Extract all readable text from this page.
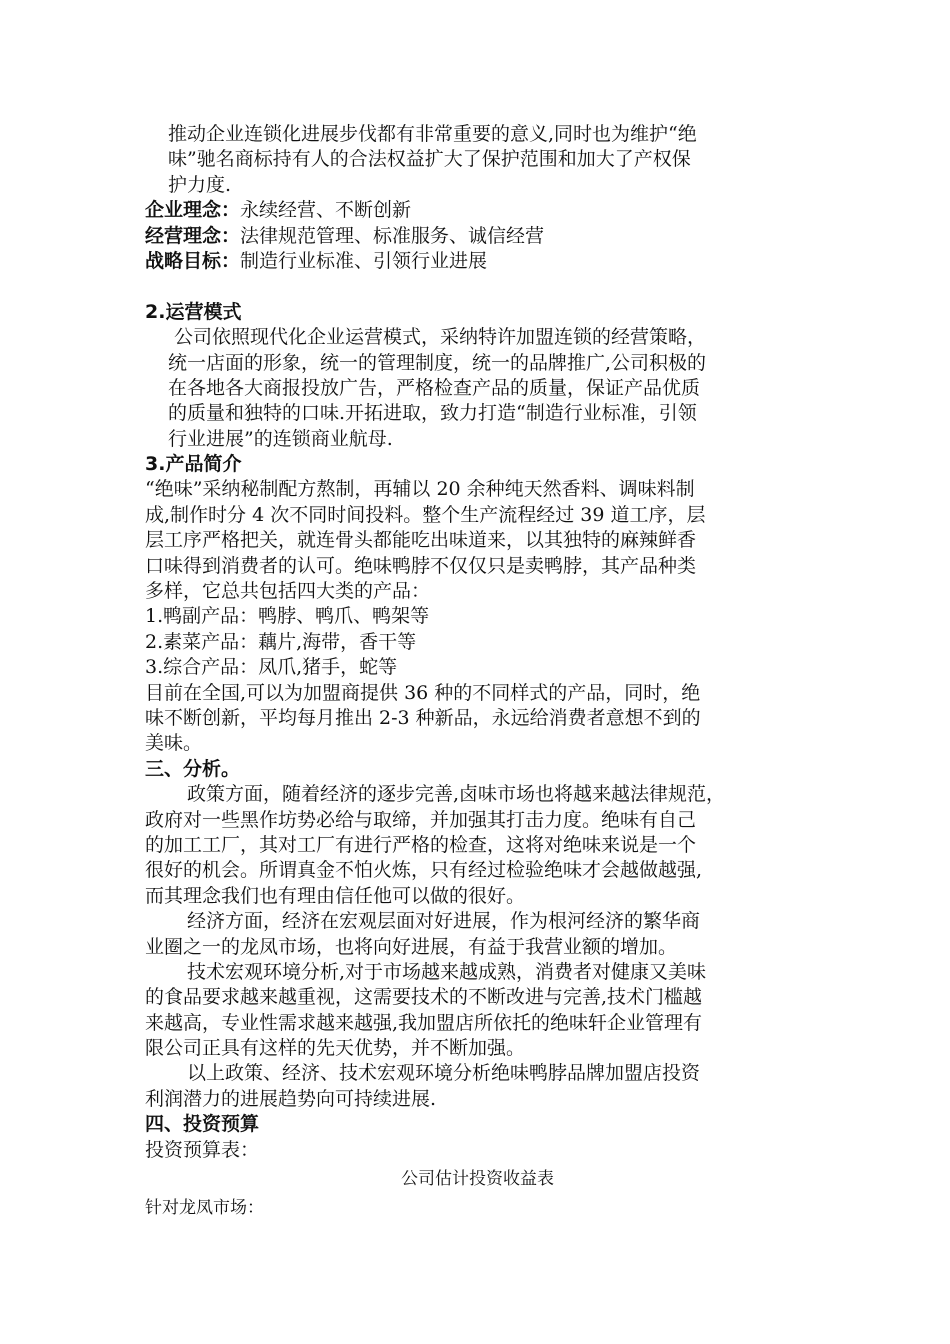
推动企业连锁化进展步伐都有非常重要的意义,同时也为维护“绝
味”驰名商标持有人的合法权益扩大了保护范围和加大了产权保
护力度.
企业理念：永续经营、不断创新
经营理念：法律规范管理、标准服务、诚信经营
战略目标：制造行业标准、引领行业进展
2.运营模式
公司依照现代化企业运营模式，采纳特许加盟连锁的经营策略，
统一店面的形象，统一的管理制度，统一的品牌推广,公司积极的
在各地各大商报投放广告，严格检查产品的质量，保证产品优质
的质量和独特的口味.开拓进取，致力打造“制造行业标准，引领
行业进展”的连锁商业航母.
3.产品简介
“绝味”采纳秘制配方熬制，再辅以 20 余种纯天然香料、调味料制
成,制作时分 4 次不同时间投料。整个生产流程经过 39 道工序，层
层工序严格把关，就连骨头都能吃出味道来，以其独特的麻辣鲜香
口味得到消费者的认可。绝味鸭脖不仅仅只是卖鸭脖，其产品种类
多样，它总共包括四大类的产品：
1.鸭副产品：鸭脖、鸭爪、鸭架等
2.素菜产品：藕片,海带，香干等
3.综合产品：凤爪,猪手，蛇等
目前在全国,可以为加盟商提供 36 种的不同样式的产品，同时，绝
味不断创新，平均每月推出 2-3 种新品，永远给消费者意想不到的
美味。
三、分析。
政策方面，随着经济的逐步完善,卤味市场也将越来越法律规范，
政府对一些黑作坊势必给与取缔，并加强其打击力度。绝味有自己
的加工工厂，其对工厂有进行严格的检查，这将对绝味来说是一个
很好的机会。所谓真金不怕火炼，只有经过检验绝味才会越做越强,
而其理念我们也有理由信任他可以做的很好。
经济方面，经济在宏观层面对好进展，作为根河经济的繁华商
业圈之一的龙凤市场，也将向好进展，有益于我营业额的增加。
技术宏观环境分析,对于市场越来越成熟，消费者对健康又美味
的食品要求越来越重视，这需要技术的不断改进与完善,技术门槛越
来越高，专业性需求越来越强,我加盟店所依托的绝味轩企业管理有
限公司正具有这样的先天优势，并不断加强。
以上政策、经济、技术宏观环境分析绝味鸭脖品牌加盟店投资
利润潜力的进展趋势向可持续进展.
四、投资预算
投资预算表：
公司估计投资收益表
针对龙凤市场：
